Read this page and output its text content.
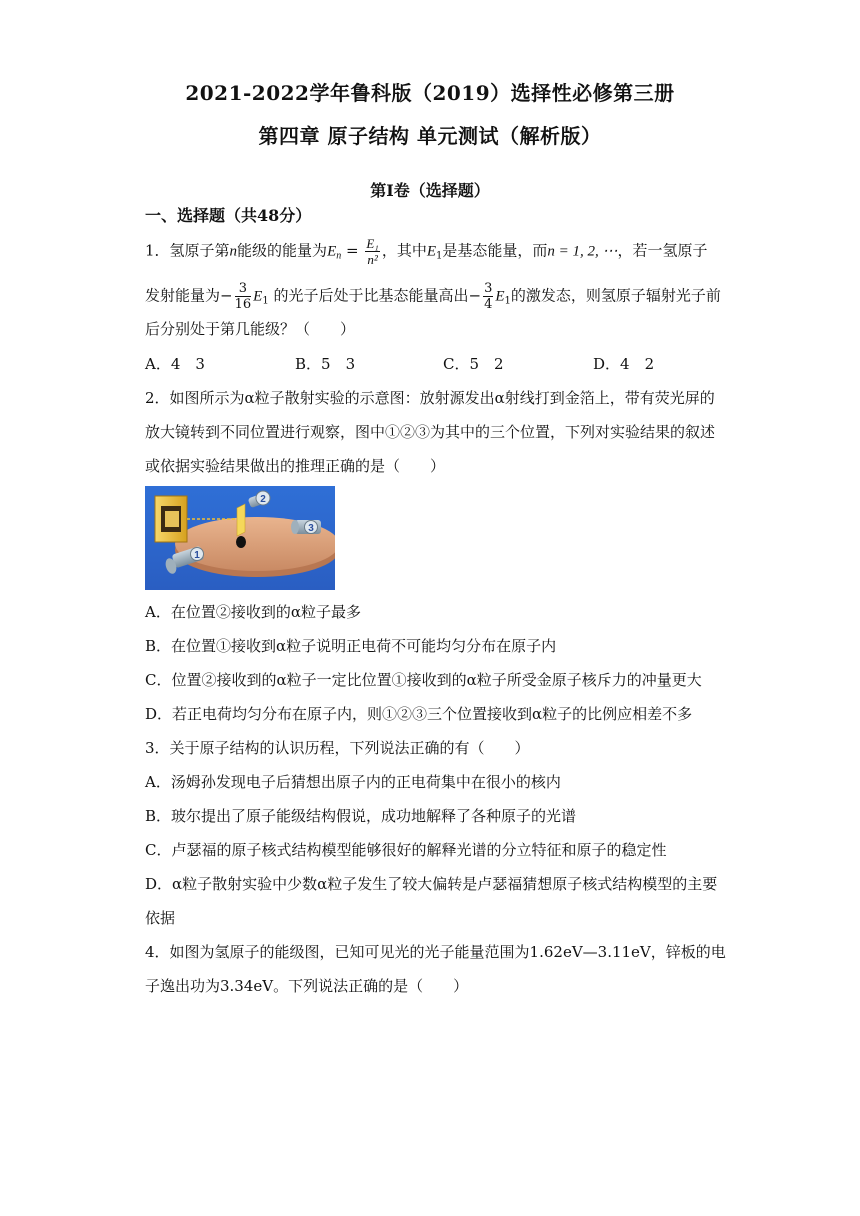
2021-2022学年鲁科版（2019）选择性必修第三册
第四章 原子结构 单元测试（解析版）
第Ⅰ卷（选择题）
一、选择题（共48分）
1．氢原子第n能级的能量为$E_n = \frac{\text{E₁}}{\text{n²}}$ ，其中$E_1$是基态能量，而n = 1, 2, ⋯，若一氢原子
发射能量为− $\frac{3}{16} E_1$ 的光子后处于比基态能量高出− $\frac{3}{4} E_1$的激发态，则氢原子辐射光子前
后分别处于第几能级？（　　）
A．4　3	B．5　3	C．5　2	D．4　2
2．如图所示为α粒子散射实验的示意图：放射源发出α射线打到金箔上，带有荧光屏的
放大镜转到不同位置进行观察，图中①②③为其中的三个位置，下列对实验结果的叙述
或依据实验结果做出的推理正确的是（　　）
2
3
1
A．在位置②接收到的α粒子最多
B．在位置①接收到α粒子说明正电荷不可能均匀分布在原子内
C．位置②接收到的α粒子一定比位置①接收到的α粒子所受金原子核斥力的冲量更大
D．若正电荷均匀分布在原子内，则①②③三个位置接收到α粒子的比例应相差不多
3．关于原子结构的认识历程，下列说法正确的有（　　）
A．汤姆孙发现电子后猜想出原子内的正电荷集中在很小的核内
B．玻尔提出了原子能级结构假说，成功地解释了各种原子的光谱
C．卢瑟福的原子核式结构模型能够很好的解释光谱的分立特征和原子的稳定性
D．α粒子散射实验中少数α粒子发生了较大偏转是卢瑟福猜想原子核式结构模型的主要
依据
4．如图为氢原子的能级图，已知可见光的光子能量范围为1.62eV—3.11eV，锌板的电
子逸出功为3.34eV。下列说法正确的是（　　）
